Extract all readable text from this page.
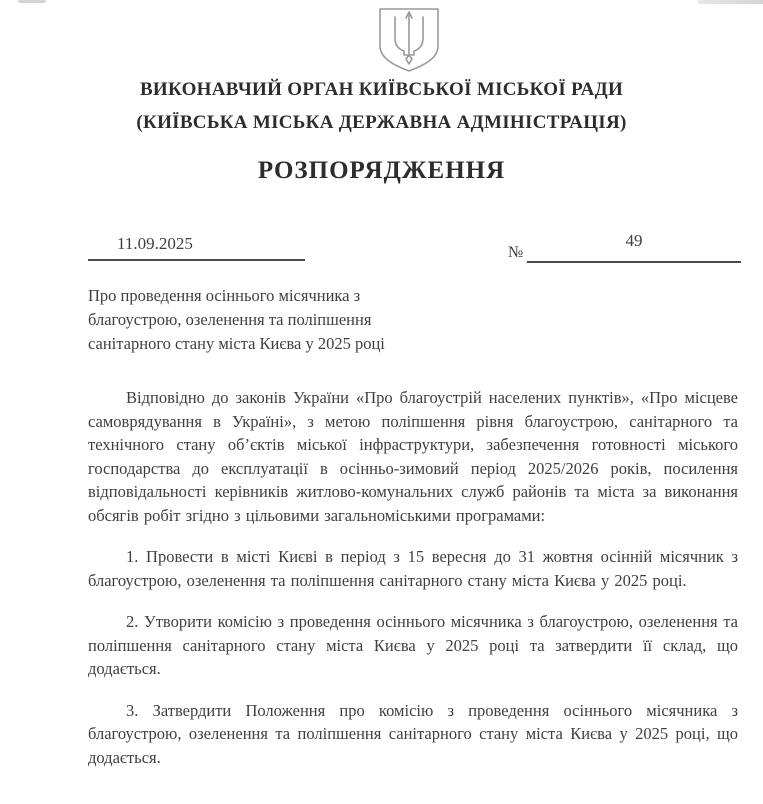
ВИКОНАВЧИЙ ОРГАН КИЇВСЬКОЇ МІСЬКОЇ РАДИ
(КИЇВСЬКА МІСЬКА ДЕРЖАВНА АДМІНІСТРАЦІЯ)
РОЗПОРЯДЖЕННЯ
11.09.2025	№
49
Про проведення осіннього місячника з благоустрою, озеленення та поліпшення санітарного стану міста Києва у 2025 році

Відповідно до законів України «Про благоустрій населених пунктів», «Про місцеве самоврядування в Україні», з метою поліпшення рівня благоустрою, санітарного та технічного стану об’єктів міської інфраструктури, забезпечення готовності міського господарства до експлуатації в осінньо-зимовий період 2025/2026 років, посилення відповідальності керівників житлово-комунальних служб районів та міста за виконання обсягів робіт згідно з цільовими загальноміськими програмами:

1. Провести в місті Києві в період з 15 вересня до 31 жовтня осінній місячник з благоустрою, озеленення та поліпшення санітарного стану міста Києва у 2025 році.

2. Утворити комісію з проведення осіннього місячника з благоустрою, озеленення та поліпшення санітарного стану міста Києва у 2025 році та затвердити її склад, що додається.

3. Затвердити Положення про комісію з проведення осіннього місячника з благоустрою, озеленення та поліпшення санітарного стану міста Києва у 2025 році, що додається.
